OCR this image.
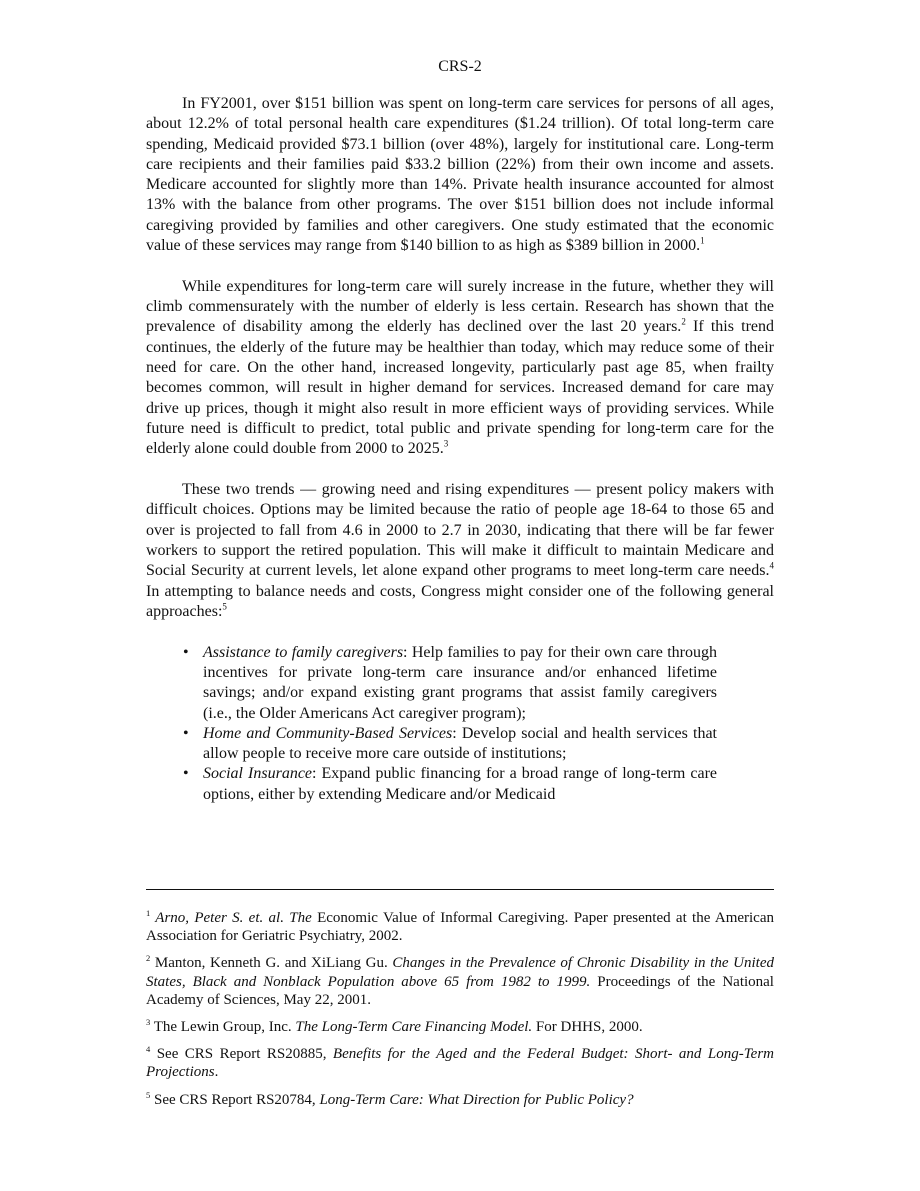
CRS-2

In FY2001, over $151 billion was spent on long-term care services for persons of all ages, about 12.2% of total personal health care expenditures ($1.24 trillion). Of total long-term care spending, Medicaid provided $73.1 billion (over 48%), largely for institutional care. Long-term care recipients and their families paid $33.2 billion (22%) from their own income and assets. Medicare accounted for slightly more than 14%. Private health insurance accounted for almost 13% with the balance from other programs. The over $151 billion does not include informal caregiving provided by families and other caregivers. One study estimated that the economic value of these services may range from $140 billion to as high as $389 billion in 2000.$^1$

While expenditures for long-term care will surely increase in the future, whether they will climb commensurately with the number of elderly is less certain. Research has shown that the prevalence of disability among the elderly has declined over the last 20 years.$^2$ If this trend continues, the elderly of the future may be healthier than today, which may reduce some of their need for care. On the other hand, increased longevity, particularly past age 85, when frailty becomes common, will result in higher demand for services. Increased demand for care may drive up prices, though it might also result in more efficient ways of providing services. While future need is difficult to predict, total public and private spending for long-term care for the elderly alone could double from 2000 to 2025.$^3$

These two trends — growing need and rising expenditures — present policy makers with difficult choices. Options may be limited because the ratio of people age 18-64 to those 65 and over is projected to fall from 4.6 in 2000 to 2.7 in 2030, indicating that there will be far fewer workers to support the retired population. This will make it difficult to maintain Medicare and Social Security at current levels, let alone expand other programs to meet long-term care needs.$^4$ In attempting to balance needs and costs, Congress might consider one of the following general approaches:$^5$

• Assistance to family caregivers: Help families to pay for their own care through incentives for private long-term care insurance and/or enhanced lifetime savings; and/or expand existing grant programs that assist family caregivers (i.e., the Older Americans Act caregiver program);
• Home and Community-Based Services: Develop social and health services that allow people to receive more care outside of institutions;
• Social Insurance: Expand public financing for a broad range of long-term care options, either by extending Medicare and/or Medicaid

$^1$ Arno, Peter S. et. al. The Economic Value of Informal Caregiving. Paper presented at the American Association for Geriatric Psychiatry, 2002.

$^2$ Manton, Kenneth G. and XiLiang Gu. Changes in the Prevalence of Chronic Disability in the United States, Black and Nonblack Population above 65 from 1982 to 1999. Proceedings of the National Academy of Sciences, May 22, 2001.

$^3$ The Lewin Group, Inc. The Long-Term Care Financing Model. For DHHS, 2000.

$^4$ See CRS Report RS20885, Benefits for the Aged and the Federal Budget: Short- and Long-Term Projections.

$^5$ See CRS Report RS20784, Long-Term Care: What Direction for Public Policy?
